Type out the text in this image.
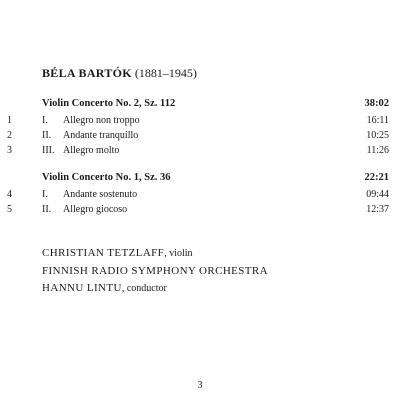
BÉLA BARTÓK (1881–1945)
Violin Concerto No. 2, Sz. 112	38:02
1	I. Allegro non troppo	16:11
2	II. Andante tranquillo	10:25
3	III. Allegro molto	11:26
Violin Concerto No. 1, Sz. 36	22:21
4	I. Andante sostenuto	09:44
5	II. Allegro giocoso	12:37
CHRISTIAN TETZLAFF, violin
FINNISH RADIO SYMPHONY ORCHESTRA
HANNU LINTU, conductor
3
